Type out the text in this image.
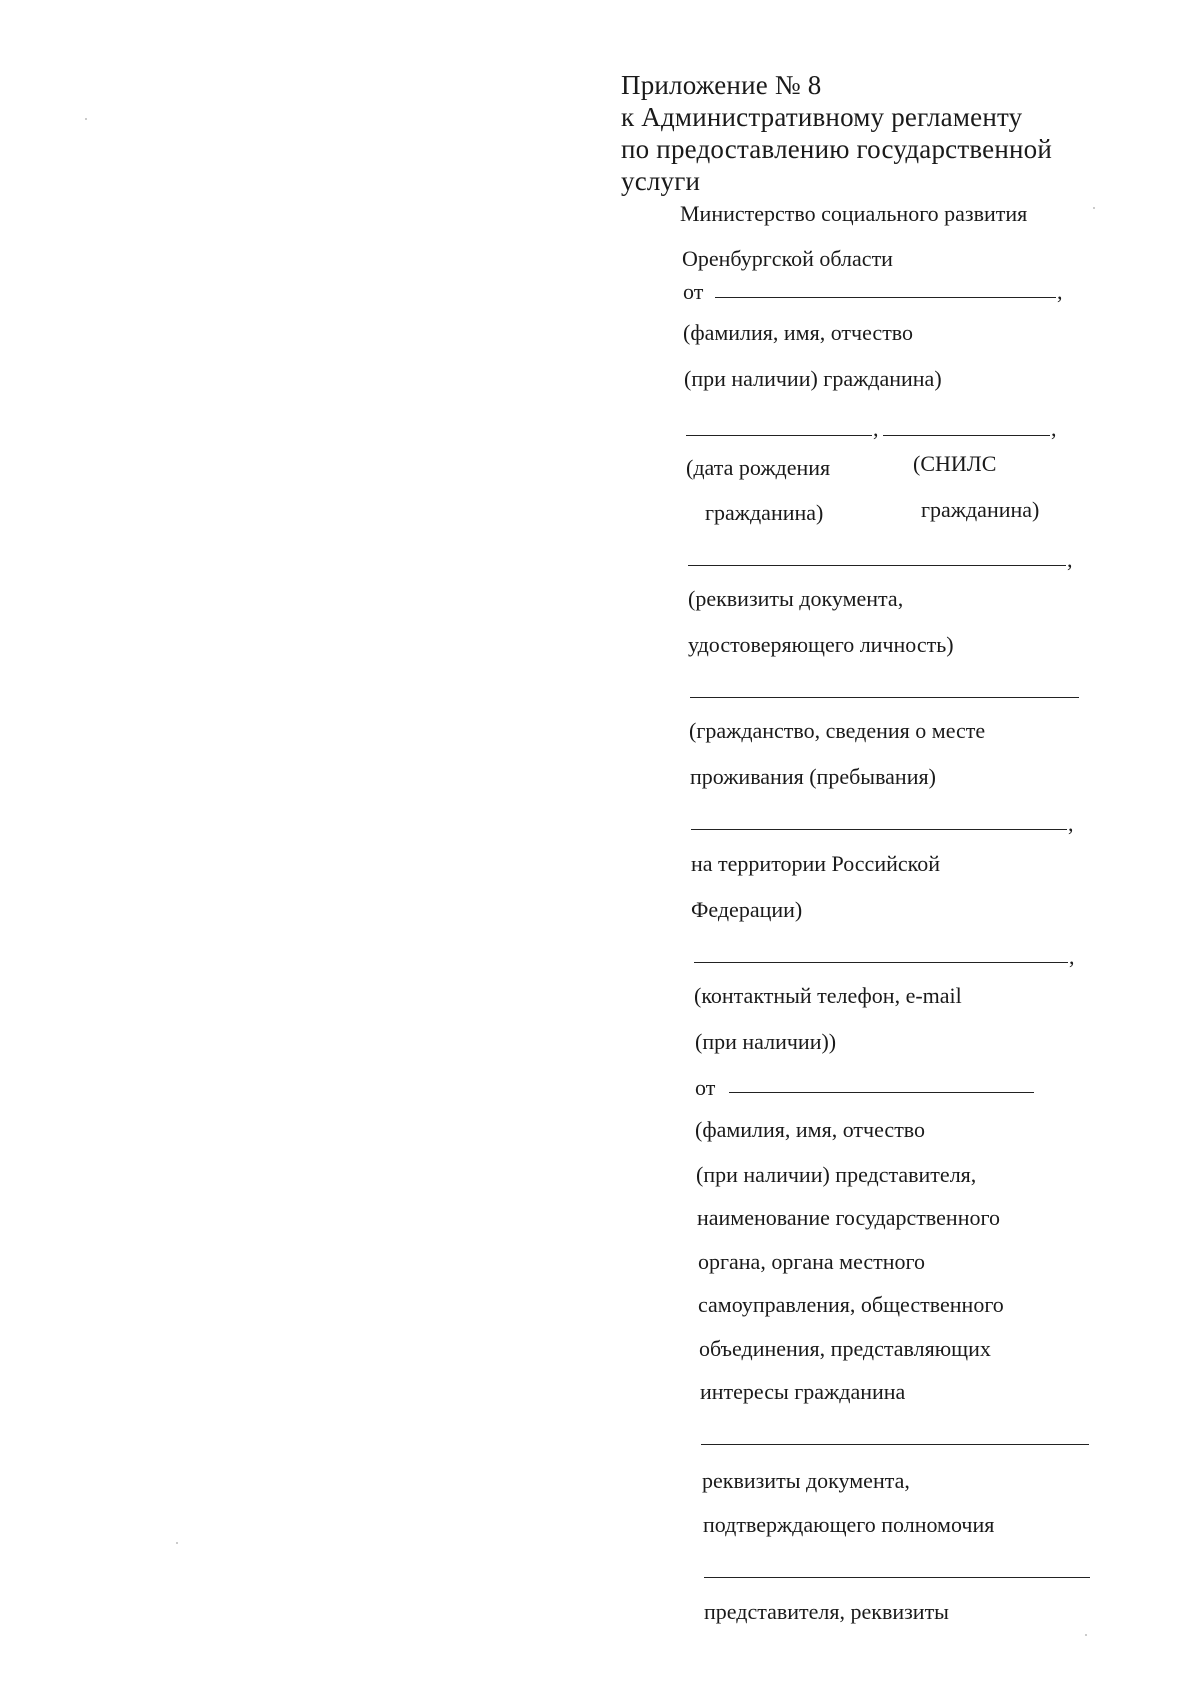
Приложение № 8
к Административному регламенту
по предоставлению государственной
услуги
Министерство социального развития
Оренбургской области
от	,
(фамилия, имя, отчество
(при наличии) гражданина)
,	,
(дата рождения	(СНИЛС
гражданина)	гражданина)
,
(реквизиты документа,
удостоверяющего личность)
(гражданство, сведения о месте
проживания (пребывания)
,
на территории Российской
Федерации)
,
(контактный телефон, e-mail
(при наличии))
от
(фамилия, имя, отчество
(при наличии) представителя,
наименование государственного
органа, органа местного
самоуправления, общественного
объединения, представляющих
интересы гражданина
реквизиты документа,
подтверждающего полномочия
представителя, реквизиты
